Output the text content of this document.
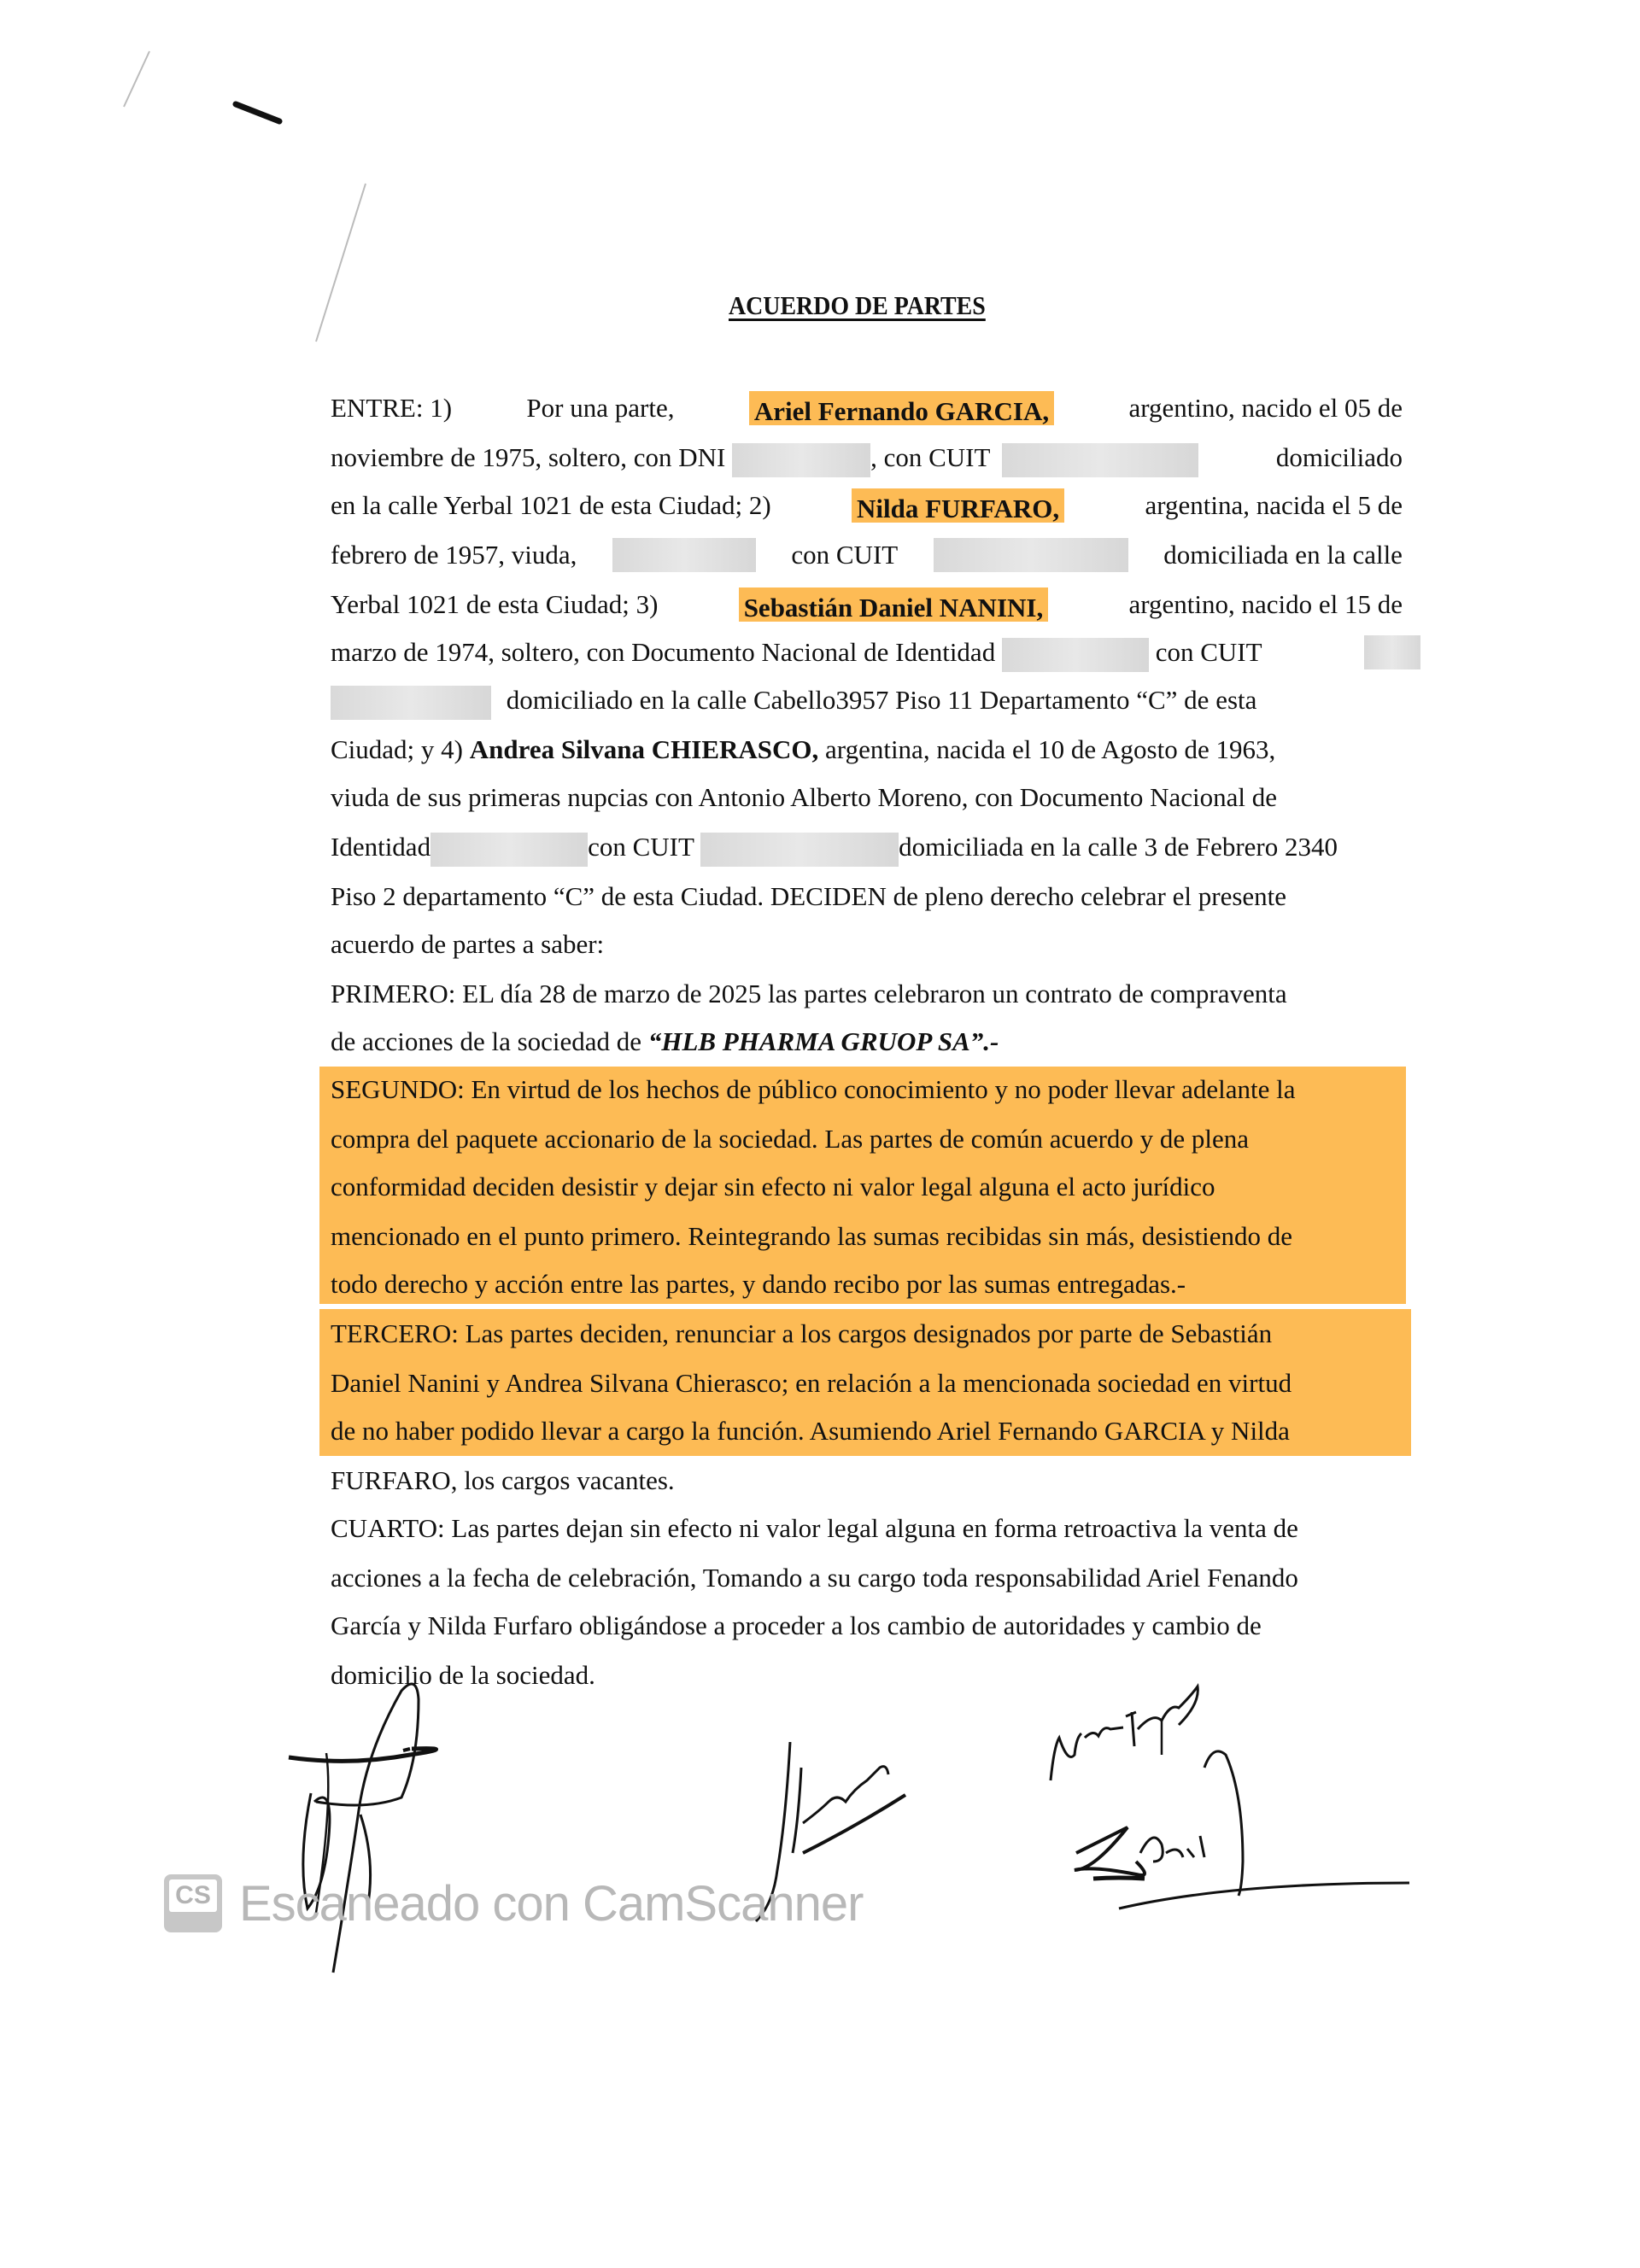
ACUERDO DE PARTES
ENTRE: 1)	Por una parte,	Ariel Fernando GARCIA,	argentino, nacido el 05 de
noviembre de 1975, soltero, con DNI	, con CUIT	domiciliado
en la calle Yerbal 1021 de esta Ciudad; 2)	Nilda FURFARO,	argentina, nacida el 5 de
febrero de 1957, viuda,	con CUIT	domiciliada en la calle
Yerbal 1021 de esta Ciudad; 3)	Sebastián Daniel NANINI,	argentino, nacido el 15 de
marzo de 1974, soltero, con Documento Nacional de Identidad	con CUIT
domiciliado en la calle Cabello3957 Piso 11 Departamento “C” de esta
Ciudad; y 4) Andrea Silvana CHIERASCO, argentina, nacida el 10 de Agosto de 1963,
viuda de sus primeras nupcias con Antonio Alberto Moreno, con Documento Nacional de
Identidad	con CUIT	domiciliada en la calle 3 de Febrero 2340
Piso 2 departamento “C” de esta Ciudad. DECIDEN de pleno derecho celebrar el presente
acuerdo de partes a saber:
PRIMERO: EL día 28 de marzo de 2025 las partes celebraron un contrato de compraventa
de acciones de la sociedad de “HLB PHARMA GRUOP SA”.-
SEGUNDO: En virtud de los hechos de público conocimiento y no poder llevar adelante la
compra del paquete accionario de la sociedad. Las partes de común acuerdo y de plena
conformidad deciden desistir y dejar sin efecto ni valor legal alguna el acto jurídico
mencionado en el punto primero. Reintegrando las sumas recibidas sin más, desistiendo de
todo derecho y acción entre las partes, y dando recibo por las sumas entregadas.-
TERCERO: Las partes deciden, renunciar a los cargos designados por parte de Sebastián
Daniel Nanini y Andrea Silvana Chierasco; en relación a la mencionada sociedad en virtud
de no haber podido llevar a cargo la función. Asumiendo Ariel Fernando GARCIA y Nilda
FURFARO, los cargos vacantes.
CUARTO: Las partes dejan sin efecto ni valor legal alguna en forma retroactiva la venta de
acciones a la fecha de celebración, Tomando a su cargo toda responsabilidad Ariel Fenando
García y Nilda Furfaro obligándose a proceder a los cambio de autoridades y cambio de
domicilio de la sociedad.
CS Escaneado con CamScanner
